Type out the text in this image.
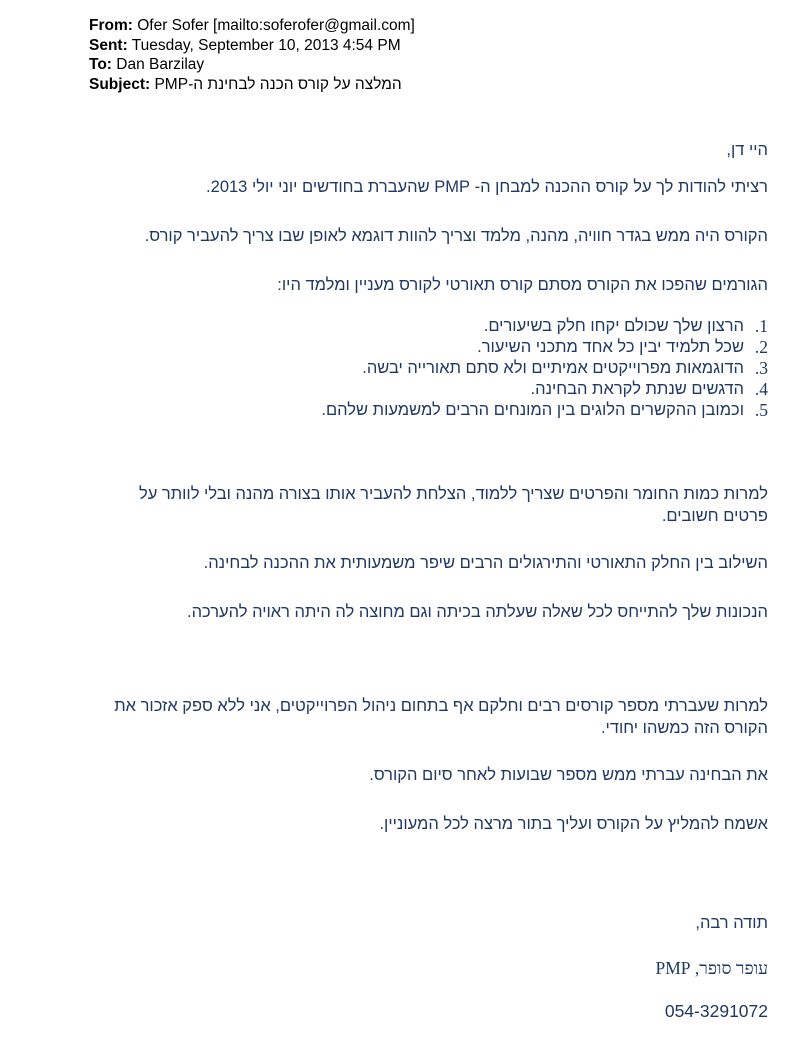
From: Ofer Sofer [mailto:soferofer@gmail.com]
Sent: Tuesday, September 10, 2013 4:54 PM
To: Dan Barzilay
Subject: המלצה על קורס הכנה לבחינת ה-PMP

היי דן,

רציתי להודות לך על קורס ההכנה למבחן ה- PMP שהעברת בחודשים יוני יולי 2013.

הקורס היה ממש בגדר חוויה, מהנה, מלמד וצריך להוות דוגמא לאופן שבו צריך להעביר קורס.

הגורמים שהפכו את הקורס מסתם קורס תאורטי לקורס מעניין ומלמד היו:

1.
הרצון שלך שכולם יקחו חלק בשיעורים.
2.
שכל תלמיד יבין כל אחד מתכני השיעור.
3.
הדוגמאות מפרוייקטים אמיתיים ולא סתם תאורייה יבשה.
4.
הדגשים שנתת לקראת הבחינה.
5.
וכמובן ההקשרים הלוגים בין המונחים הרבים למשמעות שלהם.

למרות כמות החומר והפרטים שצריך ללמוד, הצלחת להעביר אותו בצורה מהנה ובלי לוותר על פרטים חשובים.

השילוב בין החלק התאורטי והתירגולים הרבים שיפר משמעותית את ההכנה לבחינה.

הנכונות שלך להתייחס לכל שאלה שעלתה בכיתה וגם מחוצה לה היתה ראויה להערכה.

למרות שעברתי מספר קורסים רבים וחלקם אף בתחום ניהול הפרוייקטים, אני ללא ספק אזכור את הקורס הזה כמשהו יחודי.

את הבחינה עברתי ממש מספר שבועות לאחר סיום הקורס.

אשמח להמליץ על הקורס ועליך בתור מרצה לכל המעוניין.

תודה רבה,

עופר סופר, PMP

054-3291072
